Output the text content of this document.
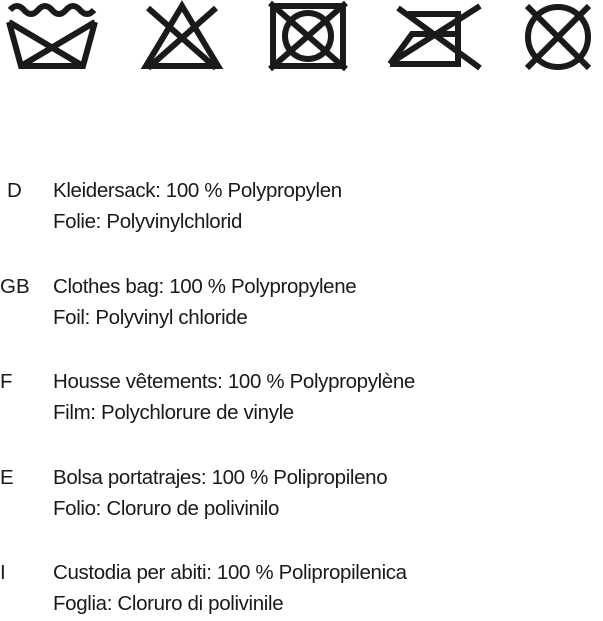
D Kleidersack: 100 % Polypropylen
Folie: Polyvinylchlorid
GB Clothes bag: 100 % Polypropylene
Foil: Polyvinyl chloride
F Housse vêtements: 100 % Polypropylène
Film: Polychlorure de vinyle
E Bolsa portatrajes: 100 % Polipropileno
Folio: Cloruro de polivinilo
I Custodia per abiti: 100 % Polipropilenica
Foglia: Cloruro di polivinile
